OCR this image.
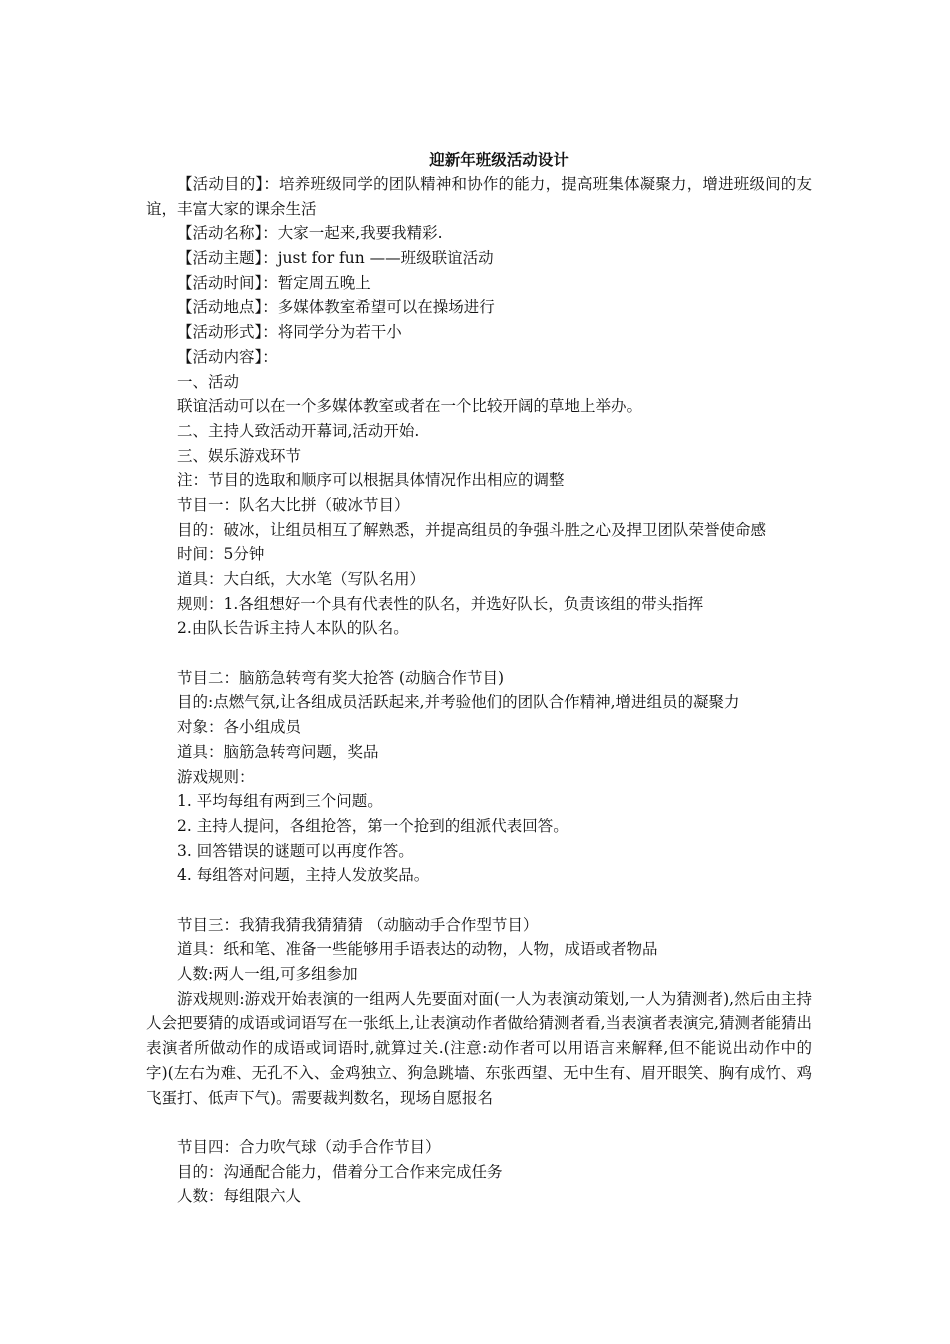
迎新年班级活动设计
【活动目的】：培养班级同学的团队精神和协作的能力，提高班集体凝聚力，增进班级间的友谊，丰富大家的课余生活
【活动名称】：大家一起来,我要我精彩.
【活动主题】：just for fun ——班级联谊活动
【活动时间】：暂定周五晚上
【活动地点】：多媒体教室希望可以在操场进行
【活动形式】：将同学分为若干小
【活动内容】：
一、活动
联谊活动可以在一个多媒体教室或者在一个比较开阔的草地上举办。
二、主持人致活动开幕词,活动开始.
三、娱乐游戏环节
注：节目的选取和顺序可以根据具体情况作出相应的调整
节目一：队名大比拼（破冰节目）
目的：破冰，让组员相互了解熟悉，并提高组员的争强斗胜之心及捍卫团队荣誉使命感
时间：5分钟
道具：大白纸，大水笔（写队名用）
规则：1.各组想好一个具有代表性的队名，并选好队长，负责该组的带头指挥
2.由队长告诉主持人本队的队名。
节目二：脑筋急转弯有奖大抢答 (动脑合作节目)
目的:点燃气氛,让各组成员活跃起来,并考验他们的团队合作精神,增进组员的凝聚力
对象：各小组成员
道具：脑筋急转弯问题，奖品
游戏规则：
1. 平均每组有两到三个问题。
2. 主持人提问，各组抢答，第一个抢到的组派代表回答。
3. 回答错误的谜题可以再度作答。
4. 每组答对问题，主持人发放奖品。
节目三：我猜我猜我猜猜猜 （动脑动手合作型节目）
道具：纸和笔、准备一些能够用手语表达的动物，人物，成语或者物品
人数:两人一组,可多组参加
游戏规则:游戏开始表演的一组两人先要面对面(一人为表演动策划,一人为猜测者),然后由主持人会把要猜的成语或词语写在一张纸上,让表演动作者做给猜测者看,当表演者表演完,猜测者能猜出表演者所做动作的成语或词语时,就算过关.(注意:动作者可以用语言来解释,但不能说出动作中的字)(左右为难、无孔不入、金鸡独立、狗急跳墙、东张西望、无中生有、眉开眼笑、胸有成竹、鸡飞蛋打、低声下气)。需要裁判数名，现场自愿报名
节目四：合力吹气球（动手合作节目）
目的：沟通配合能力，借着分工合作来完成任务
人数：每组限六人
